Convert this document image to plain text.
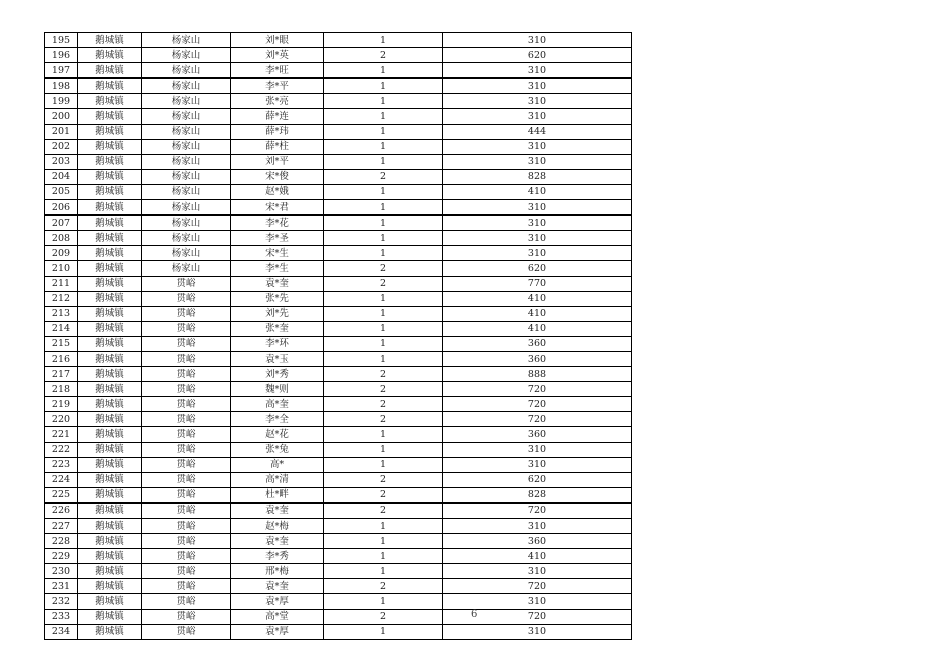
195	鹅城镇	杨家山	刘*眼	1	310
196	鹅城镇	杨家山	刘*英	2	620
197	鹅城镇	杨家山	李*旺	1	310
198	鹅城镇	杨家山	李*平	1	310
199	鹅城镇	杨家山	张*亮	1	310
200	鹅城镇	杨家山	薛*连	1	310
201	鹅城镇	杨家山	薛*玮	1	444
202	鹅城镇	杨家山	薛*柱	1	310
203	鹅城镇	杨家山	刘*平	1	310
204	鹅城镇	杨家山	宋*俊	2	828
205	鹅城镇	杨家山	赵*娥	1	410
206	鹅城镇	杨家山	宋*君	1	310
207	鹅城镇	杨家山	李*花	1	310
208	鹅城镇	杨家山	李*圣	1	310
209	鹅城镇	杨家山	宋*生	1	310
210	鹅城镇	杨家山	李*生	2	620
211	鹅城镇	贯峪	袁*奎	2	770
212	鹅城镇	贯峪	张*先	1	410
213	鹅城镇	贯峪	刘*先	1	410
214	鹅城镇	贯峪	张*奎	1	410
215	鹅城镇	贯峪	李*环	1	360
216	鹅城镇	贯峪	袁*玉	1	360
217	鹅城镇	贯峪	刘*秀	2	888
218	鹅城镇	贯峪	魏*则	2	720
219	鹅城镇	贯峪	高*奎	2	720
220	鹅城镇	贯峪	李*全	2	720
221	鹅城镇	贯峪	赵*花	1	360
222	鹅城镇	贯峪	张*兔	1	310
223	鹅城镇	贯峪	高*	1	310
224	鹅城镇	贯峪	高*清	2	620
225	鹅城镇	贯峪	杜*畔	2	828
226	鹅城镇	贯峪	袁*奎	2	720
227	鹅城镇	贯峪	赵*梅	1	310
228	鹅城镇	贯峪	袁*奎	1	360
229	鹅城镇	贯峪	李*秀	1	410
230	鹅城镇	贯峪	邢*梅	1	310
231	鹅城镇	贯峪	袁*奎	2	720
232	鹅城镇	贯峪	袁*厚	1	310
233	鹅城镇	贯峪	高*堂	2	720
234	鹅城镇	贯峪	袁*厚	1	310
6
